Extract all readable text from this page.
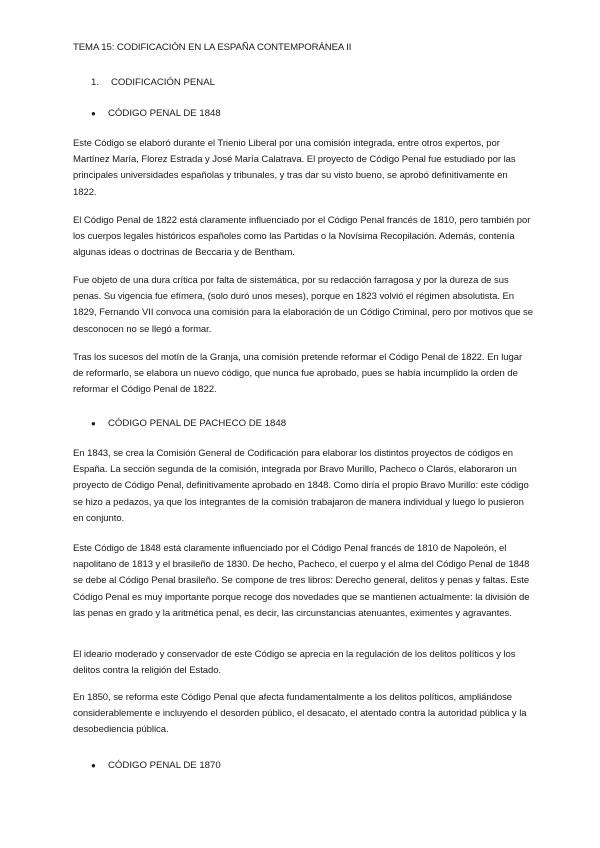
TEMA 15: CODIFICACIÓN EN LA ESPAÑA CONTEMPORÁNEA II
1. CODIFICACIÓN PENAL
● CÓDIGO PENAL DE 1848

Este Código se elaboró durante el Trienio Liberal por una comisión integrada, entre otros expertos, por Martínez María, Florez Estrada y José María Calatrava. El proyecto de Código Penal fue estudiado por las principales universidades españolas y tribunales, y tras dar su visto bueno, se aprobó definitivamente en 1822.

El Código Penal de 1822 está claramente influenciado por el Código Penal francés de 1810, pero también por los cuerpos legales históricos españoles como las Partidas o la Novísima Recopilación. Además, contenía algunas ideas o doctrinas de Beccaria y de Bentham.

Fue objeto de una dura crítica por falta de sistemática, por su redacción farragosa y por la dureza de sus penas. Su vigencia fue efímera, (solo duró unos meses), porque en 1823 volvió el régimen absolutista. En 1829, Fernando VII convoca una comisión para la elaboración de un Código Criminal, pero por motivos que se desconocen no se llegó a formar.

Tras los sucesos del motín de la Granja, una comisión pretende reformar el Código Penal de 1822. En lugar de reformarlo, se elabora un nuevo código, que nunca fue aprobado, pues se había incumplido la orden de reformar el Código Penal de 1822.

● CÓDIGO PENAL DE PACHECO DE 1848

En 1843, se crea la Comisión General de Codificación para elaborar los distintos proyectos de códigos en España. La sección segunda de la comisión, integrada por Bravo Murillo, Pacheco o Clarós, elaboraron un proyecto de Código Penal, definitivamente aprobado en 1848. Como diría el propio Bravo Murillo: este código se hizo a pedazos, ya que los integrantes de la comisión trabajaron de manera individual y luego lo pusieron en conjunto.

Este Código de 1848 está claramente influenciado por el Código Penal francés de 1810 de Napoleón, el napolitano de 1813 y el brasileño de 1830. De hecho, Pacheco, el cuerpo y el alma del Código Penal de 1848 se debe al Código Penal brasileño. Se compone de tres libros: Derecho general, delitos y penas y faltas. Este Código Penal es muy importante porque recoge dos novedades que se mantienen actualmente: la división de las penas en grado y la aritmética penal, es decir, las circunstancias atenuantes, eximentes y agravantes.

El ideario moderado y conservador de este Código se aprecia en la regulación de los delitos políticos y los delitos contra la religión del Estado.

En 1850, se reforma este Código Penal que afecta fundamentalmente a los delitos políticos, ampliándose considerablemente e incluyendo el desorden público, el desacato, el atentado contra la autoridad pública y la desobediencia pública.

● CÓDIGO PENAL DE 1870
